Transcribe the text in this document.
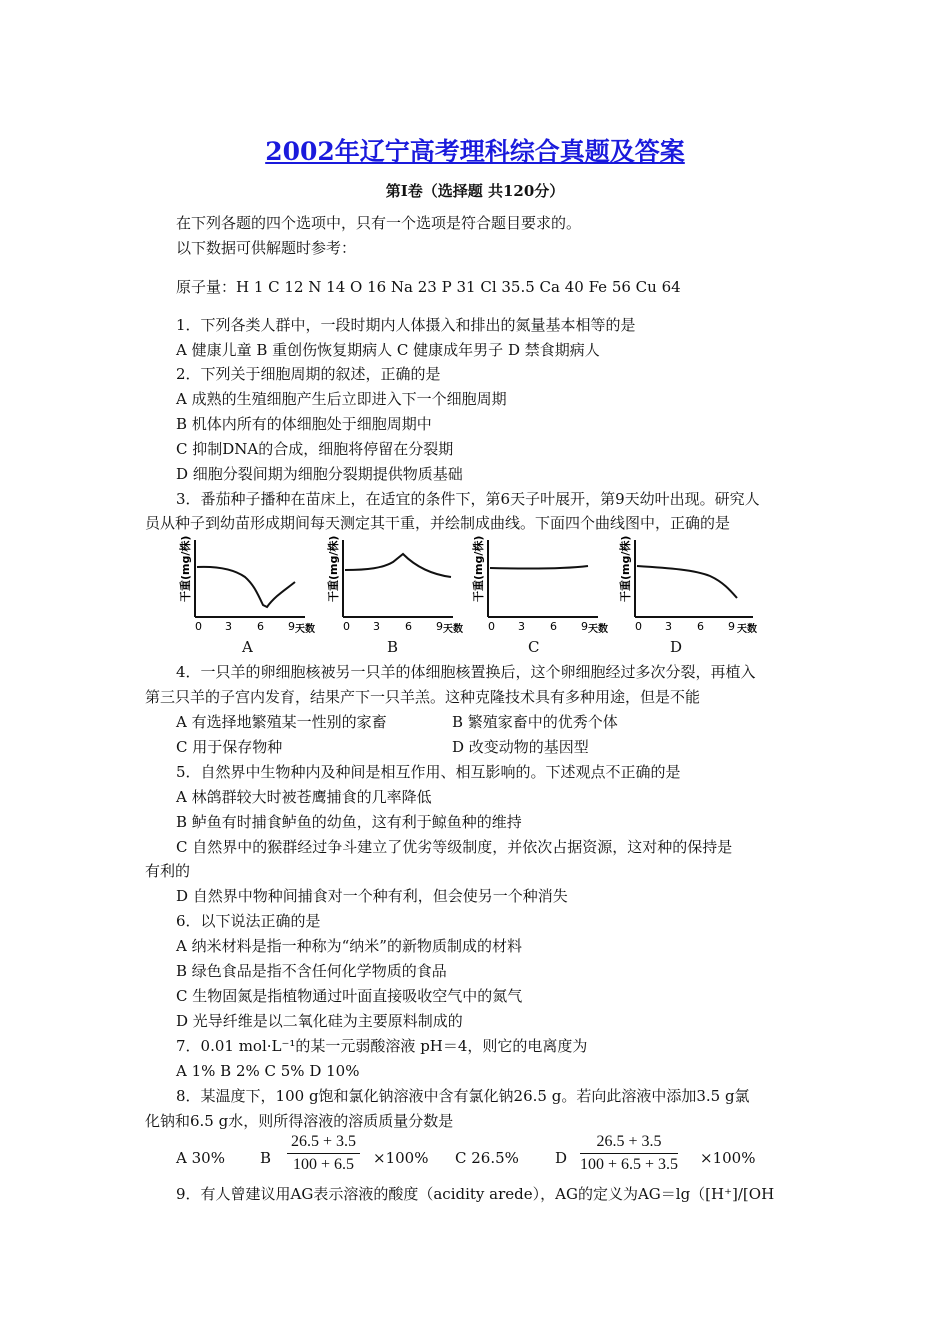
2002年辽宁高考理科综合真题及答案
第Ⅰ卷（选择题 共120分）
在下列各题的四个选项中，只有一个选项是符合题目要求的。
以下数据可供解题时参考：
原子量：H 1 C 12 N 14 O 16 Na 23 P 31 Cl 35.5 Ca 40 Fe 56 Cu 64
1．下列各类人群中，一段时期内人体摄入和排出的氮量基本相等的是
A 健康儿童 B 重创伤恢复期病人 C 健康成年男子 D 禁食期病人
2．下列关于细胞周期的叙述，正确的是
A 成熟的生殖细胞产生后立即进入下一个细胞周期
B 机体内所有的体细胞处于细胞周期中
C 抑制DNA的合成，细胞将停留在分裂期
D 细胞分裂间期为细胞分裂期提供物质基础
3．番茄种子播种在苗床上，在适宜的条件下，第6天子叶展开，第9天幼叶出现。研究人
员从种子到幼苗形成期间每天测定其干重，并绘制成曲线。下面四个曲线图中，正确的是
干重(mg/株)
0 3 6 9 天数
干重(mg/株)
0 3 6 9 天数
干重(mg/株)
0 3 6 9 天数
干重(mg/株)
0 3 6 9 天数
A	B	C	D
4．一只羊的卵细胞核被另一只羊的体细胞核置换后，这个卵细胞经过多次分裂，再植入
第三只羊的子宫内发育，结果产下一只羊羔。这种克隆技术具有多种用途，但是不能
A 有选择地繁殖某一性别的家畜	B 繁殖家畜中的优秀个体
C 用于保存物种	D 改变动物的基因型
5．自然界中生物种内及种间是相互作用、相互影响的。下述观点不正确的是
A 林鸽群较大时被苍鹰捕食的几率降低
B 鲈鱼有时捕食鲈鱼的幼鱼，这有利于鲸鱼种的维持
C 自然界中的猴群经过争斗建立了优劣等级制度，并依次占据资源，这对种的保持是
有利的
D 自然界中物种间捕食对一个种有利，但会使另一个种消失
6．以下说法正确的是
A 纳米材料是指一种称为“纳米”的新物质制成的材料
B 绿色食品是指不含任何化学物质的食品
C 生物固氮是指植物通过叶面直接吸收空气中的氮气
D 光导纤维是以二氧化硅为主要原料制成的
7．0.01 mol·L⁻¹的某一元弱酸溶液 pH＝4，则它的电离度为
A 1% B 2% C 5% D 10%
8．某温度下，100 g饱和氯化钠溶液中含有氯化钠26.5 g。若向此溶液中添加3.5 g氯
化钠和6.5 g水，则所得溶液的溶质质量分数是
A 30% B $\frac{26.5 + 3.5}{100 + 6.5} \times 100\%$ C 26.5% D $\frac{26.5 + 3.5}{100 + 6.5 + 3.5} \times 100\%$
9．有人曾建议用AG表示溶液的酸度（acidity arede），AG的定义为AG＝lg（[H⁺]/[OH
